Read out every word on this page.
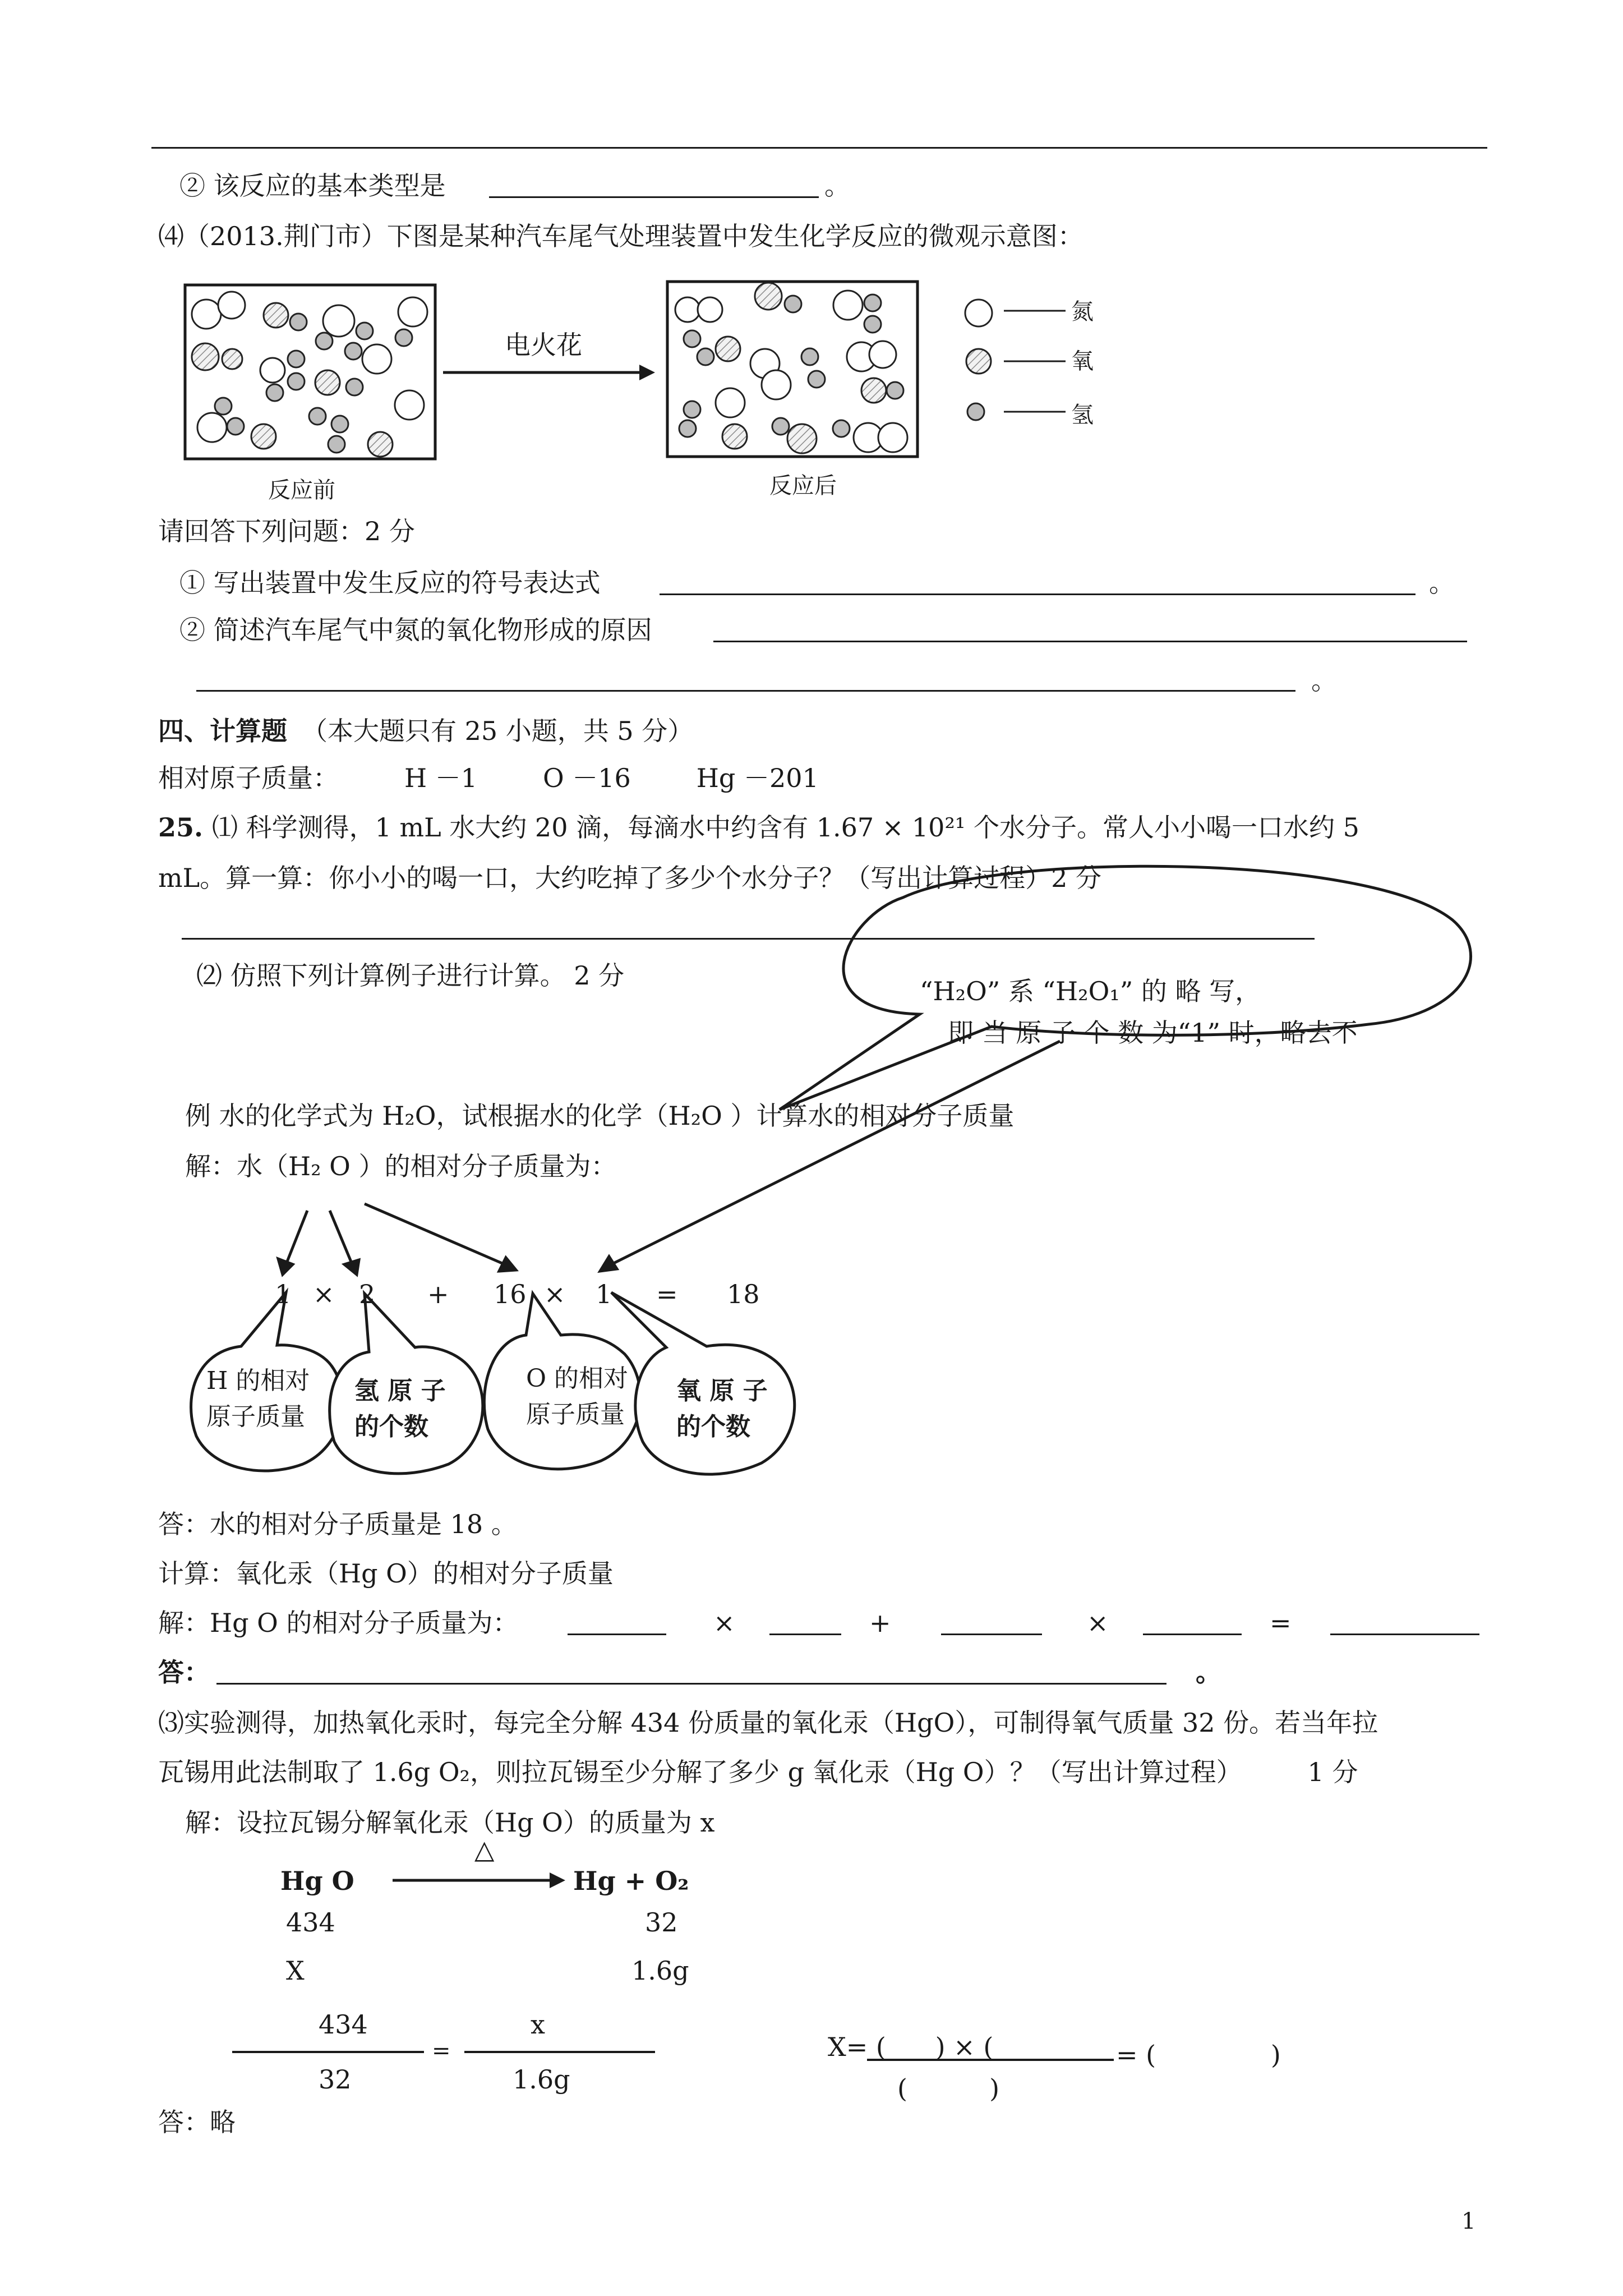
② 该反应的基本类型是	。
⑷（2013.荆门市）下图是某种汽车尾气处理装置中发生化学反应的微观示意图：
电火花
反应前	反应后
氮
氧
氢
请回答下列问题：2 分
① 写出装置中发生反应的符号表达式	。
② 简述汽车尾气中氮的氧化物形成的原因
。
四、计算题 （本大题只有 25 小题，共 5 分）
相对原子质量：        H －1        O －16        Hg －201
25. ⑴ 科学测得，1 mL 水大约 20 滴，每滴水中约含有 1.67 × 10²¹ 个水分子。常人小小喝一口水约 5
mL。算一算：你小小的喝一口，大约吃掉了多少个水分子？（写出计算过程）2 分
⑵ 仿照下列计算例子进行计算。 2 分
“H₂O” 系 “H₂O₁” 的 略 写，
即 当 原 子 个 数 为“1” 时，略去不
例 水的化学式为 H₂O，试根据水的化学（H₂O ）计算水的相对分子质量
解：水（H₂ O ）的相对分子质量为：
1 × 2 + 16 × 1 = 18
H 的相对
原子质量
氢 原 子
的个数
O 的相对
原子质量
氧 原 子
的个数
答：水的相对分子质量是 18 。
计算：氧化汞（Hg O）的相对分子质量
解：Hg O 的相对分子质量为：	×	+	×	=
答：	。
⑶实验测得，加热氧化汞时，每完全分解 434 份质量的氧化汞（HgO），可制得氧气质量 32 份。若当年拉
瓦锡用此法制取了 1.6g O₂，则拉瓦锡至少分解了多少 g 氧化汞（Hg O）？（写出计算过程）        1 分
解：设拉瓦锡分解氧化汞（Hg O）的质量为 x
Hg O
△
Hg + O₂
434	32
X	1.6g
434
32
=
x
1.6g
X= (      ) × (
(          )
= (              )
答：略
1
